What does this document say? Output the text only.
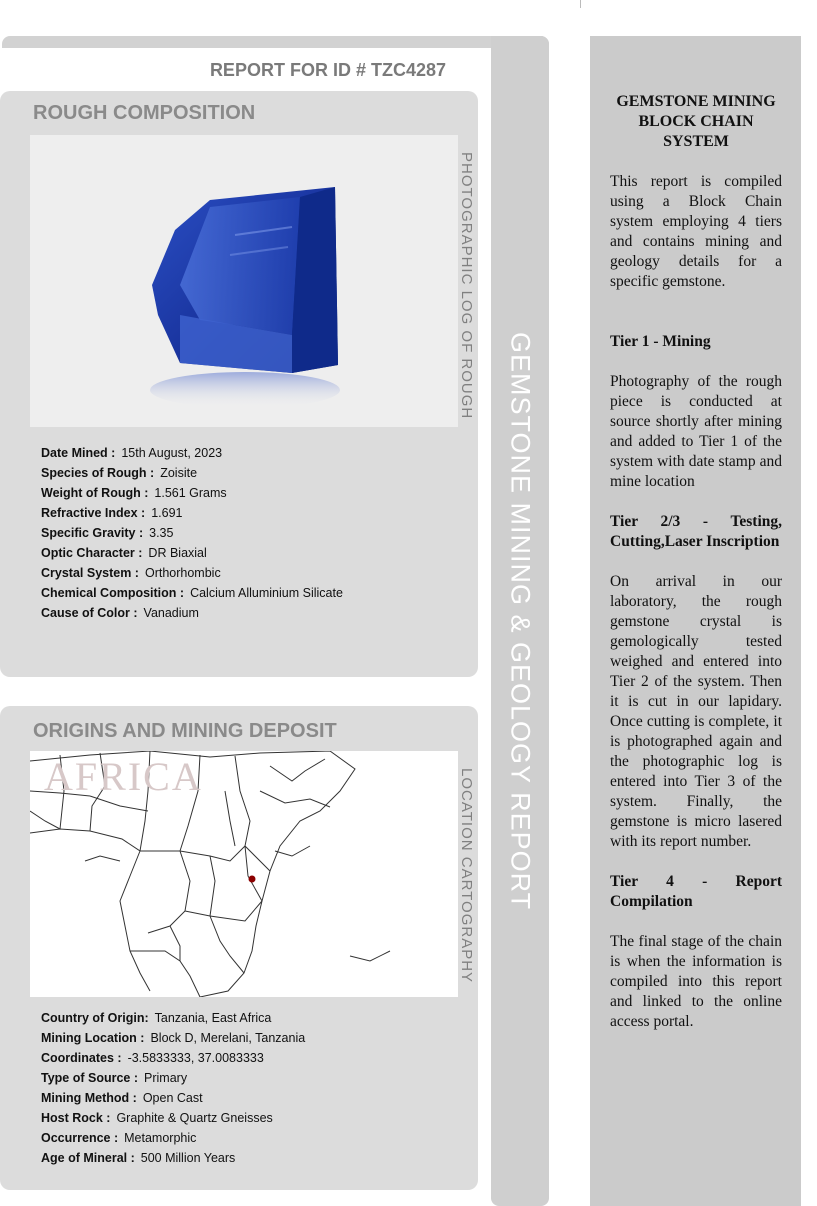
GEMSTONE MINING & GEOLOGY REPORT
REPORT FOR ID # TZC4287
ROUGH COMPOSITION
PHOTOGRAPHIC LOG OF ROUGH
Date Mined : 15th August, 2023
Species of Rough : Zoisite
Weight of Rough : 1.561 Grams
Refractive Index : 1.691
Specific Gravity : 3.35
Optic Character : DR Biaxial
Crystal System : Orthorhombic
Chemical Composition : Calcium Alluminium Silicate
Cause of Color : Vanadium
ORIGINS AND MINING DEPOSIT
AFRICA	LOCATION CARTOGRAPHY
Country of Origin: Tanzania, East Africa
Mining Location : Block D, Merelani, Tanzania
Coordinates : -3.5833333, 37.0083333
Type of Source : Primary
Mining Method : Open Cast
Host Rock : Graphite & Quartz Gneisses
Occurrence : Metamorphic
Age of Mineral : 500 Million Years
GEMSTONE MINING BLOCK CHAIN SYSTEM

This report is compiled using a Block Chain system employing 4 tiers and contains mining and geology details for a specific gemstone.

Tier 1 - Mining

Photography of the rough piece is conducted at source shortly after mining and added to Tier 1 of the system with date stamp and mine location

Tier 2/3 - Testing, Cutting,Laser Inscription

On arrival in our laboratory, the rough gemstone crystal is gemologically tested weighed and entered into Tier 2 of the system. Then it is cut in our lapidary. Once cutting is complete, it is photographed again and the photographic log is entered into Tier 3 of the system. Finally, the gemstone is micro lasered with its report number.

Tier 4 - Report Compilation

The final stage of the chain is when the information is compiled into this report and linked to the online access portal.
